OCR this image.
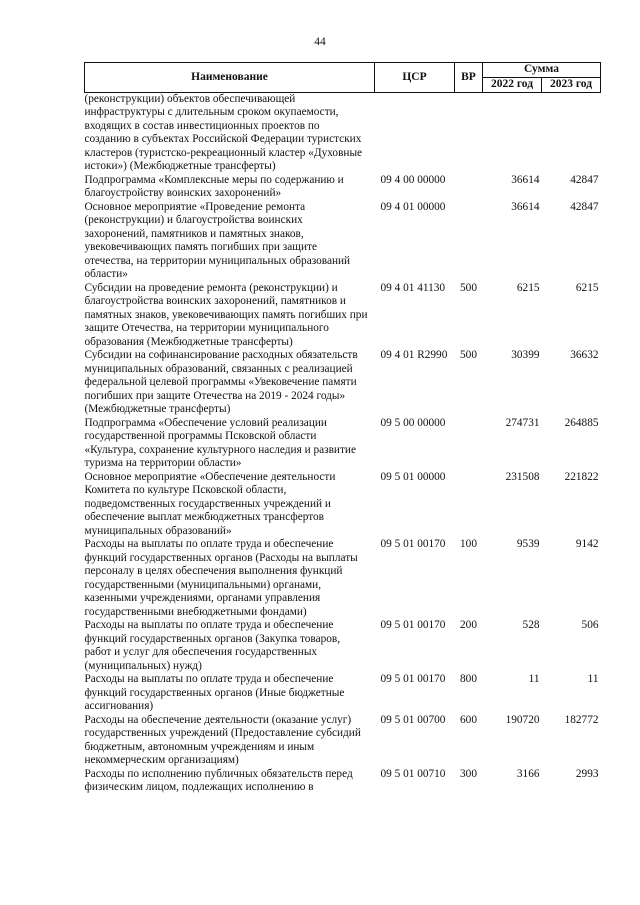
44
Наименование	ЦСР	ВР	Сумма	
			2022 год	2023 год
(реконструкции) объектов обеспечивающей инфраструктуры с длительным сроком окупаемости, входящих в состав инвестиционных проектов по созданию в субъектах Российской Федерации туристских кластеров (туристско-рекреационный кластер «Духовные истоки») (Межбюджетные трансферты)				
Подпрограмма «Комплексные меры по содержанию и благоустройству воинских захоронений»	09 4 00 00000		36614	42847
Основное мероприятие «Проведение ремонта (реконструкции) и благоустройства воинских захоронений, памятников и памятных знаков, увековечивающих память погибших при защите отечества, на территории муниципальных образований области»	09 4 01 00000		36614	42847
Субсидии на проведение ремонта (реконструкции) и благоустройства воинских захоронений, памятников и памятных знаков, увековечивающих память погибших при защите Отечества, на территории муниципального образования (Межбюджетные трансферты)	09 4 01 41130	500	6215	6215
Субсидии на софинансирование расходных обязательств муниципальных образований, связанных с реализацией федеральной целевой программы «Увековечение памяти погибших при защите Отечества на 2019 - 2024 годы» (Межбюджетные трансферты)	09 4 01 R2990	500	30399	36632
Подпрограмма «Обеспечение условий реализации государственной программы Псковской области «Культура, сохранение культурного наследия и развитие туризма на территории области»	09 5 00 00000		274731	264885
Основное мероприятие «Обеспечение деятельности Комитета по культуре Псковской области, подведомственных государственных учреждений и обеспечение выплат межбюджетных трансфертов муниципальных образований»	09 5 01 00000		231508	221822
Расходы на выплаты по оплате труда и обеспечение функций государственных органов (Расходы на выплаты персоналу в целях обеспечения выполнения функций государственными (муниципальными) органами, казенными учреждениями, органами управления государственными внебюджетными фондами)	09 5 01 00170	100	9539	9142
Расходы на выплаты по оплате труда и обеспечение функций государственных органов (Закупка товаров, работ и услуг для обеспечения государственных (муниципальных) нужд)	09 5 01 00170	200	528	506
Расходы на выплаты по оплате труда и обеспечение функций государственных органов (Иные бюджетные ассигнования)	09 5 01 00170	800	11	11
Расходы на обеспечение деятельности (оказание услуг) государственных учреждений (Предоставление субсидий бюджетным, автономным учреждениям и иным некоммерческим организациям)	09 5 01 00700	600	190720	182772
Расходы по исполнению публичных обязательств перед физическим лицом, подлежащих исполнению в	09 5 01 00710	300	3166	2993
